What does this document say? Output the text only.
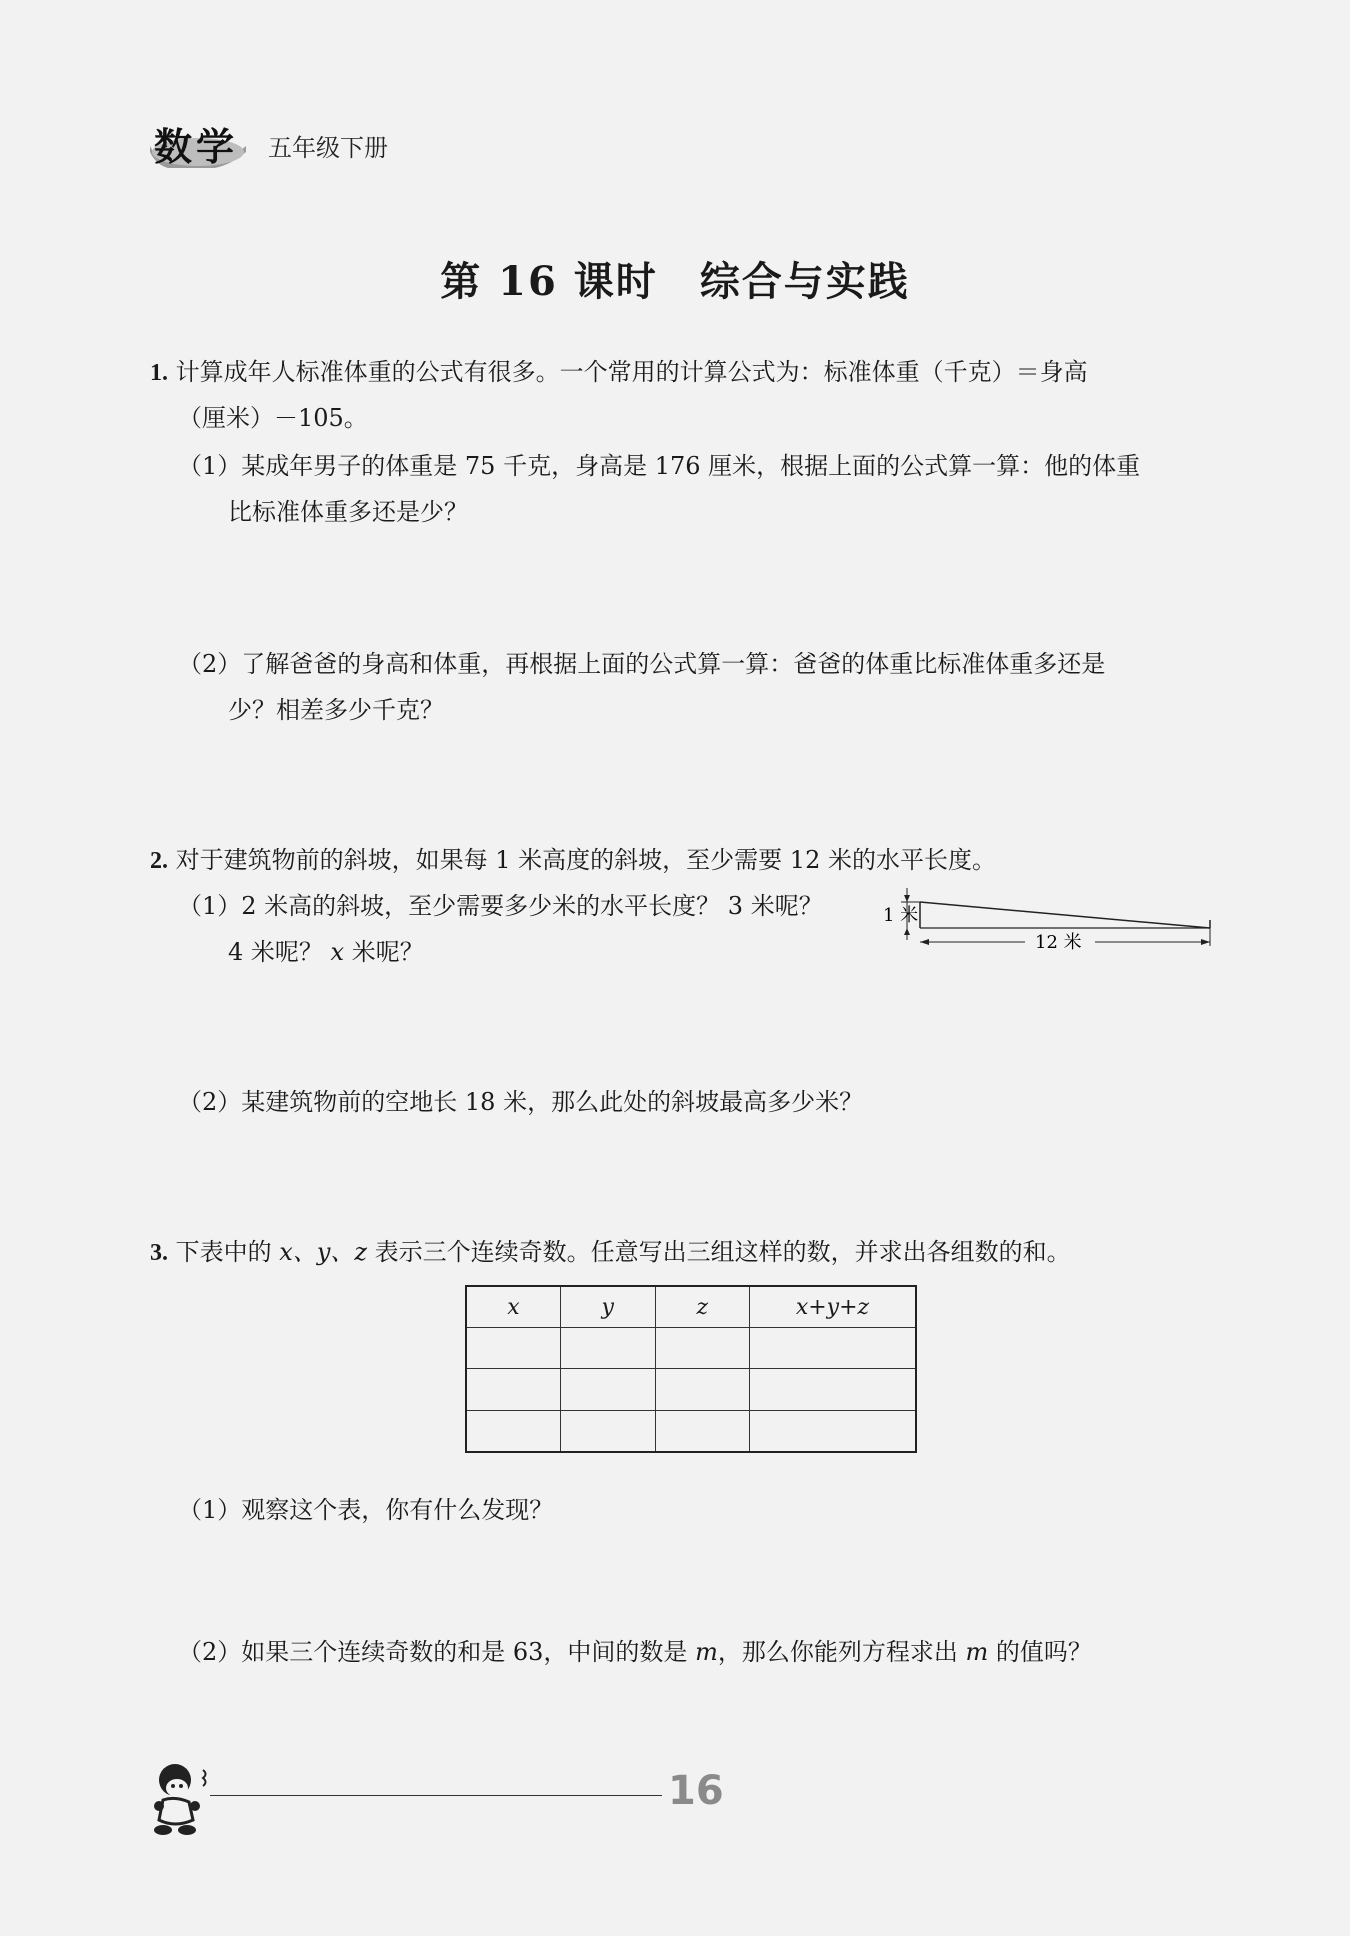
数学 五年级下册
第 16 课时　综合与实践
1. 计算成年人标准体重的公式有很多。一个常用的计算公式为：标准体重（千克）＝身高
（厘米）－105。
（1）某成年男子的体重是 75 千克，身高是 176 厘米，根据上面的公式算一算：他的体重
比标准体重多还是少？
（2）了解爸爸的身高和体重，再根据上面的公式算一算：爸爸的体重比标准体重多还是
少？相差多少千克？
2. 对于建筑物前的斜坡，如果每 1 米高度的斜坡，至少需要 12 米的水平长度。
（1）2 米高的斜坡，至少需要多少米的水平长度？ 3 米呢？
4 米呢？ x 米呢？
1 米
12 米
（2）某建筑物前的空地长 18 米，那么此处的斜坡最高多少米？
3. 下表中的 x、y、z 表示三个连续奇数。任意写出三组这样的数，并求出各组数的和。
x	y	z	x+y+z

（1）观察这个表，你有什么发现？
（2）如果三个连续奇数的和是 63，中间的数是 m，那么你能列方程求出 m 的值吗？
16
